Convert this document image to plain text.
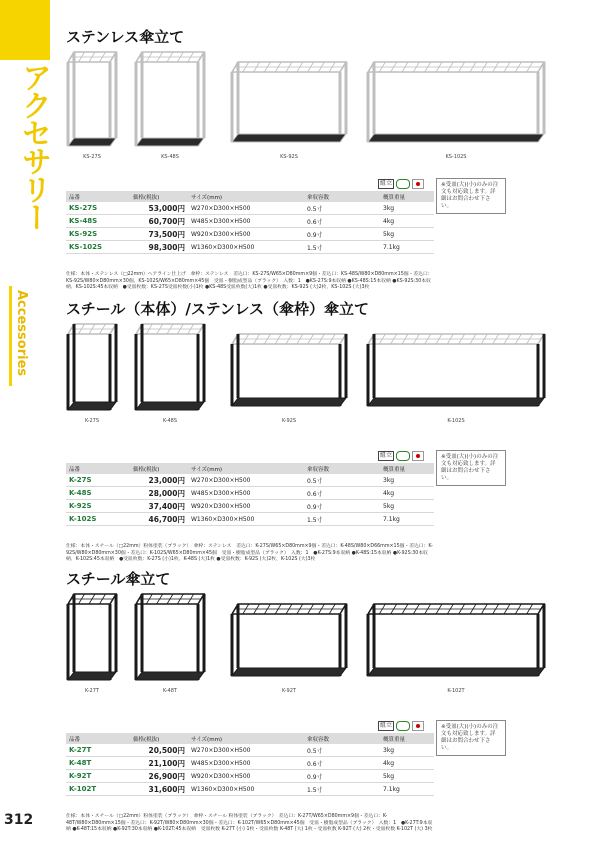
アクセサリー
Accessories
312
ステンレス傘立て
KS-27S	KS-48S	KS-92S	KS-102S
組立	※受皿(大)(小)のみの注文も対応致します。詳細はお問合わせ下さい。
品番	価格(税抜)	サイズ(mm)	傘収容数	概算重量
KS-27S	53,000円	W270×D300×H500	0.5寸	3kg
KS-48S	60,700円	W485×D300×H500	0.6寸	4kg
KS-92S	73,500円	W920×D300×H500	0.9寸	5kg
KS-102S	98,300円	W1360×D300×H500	1.5寸	7.1kg
仕様：本体・ステンレス（□22mm）ヘアライン仕上げ　傘枠：ステンレス　差込口：KS-27S/W65×D80mm×9個・差込口：KS-48S/W80×D80mm×15個・差込口：KS-92S/W80×D80mm×30個、KS-102S/W65×D80mm×45個　受皿・樹脂成型品（ブラック）　入数：1　●KS-27S:9本収納 ●KS-48S:15本収納 ●KS-92S:30本収納、KS-102S:45本収納　●受皿枚数：KS-27S受皿枚数(小)1枚 ●KS-48S受皿枚数(大)1枚 ●受皿枚数：KS-92S (大)2枚、KS-102S (大)3枚
スチール（本体）/ステンレス（傘枠）傘立て
K-27S	K-48S	K-92S	K-102S
組立	※受皿(大)(小)のみの注文も対応致します。詳細はお問合わせ下さい。
品番	価格(税抜)	サイズ(mm)	傘収容数	概算重量
K-27S	23,000円	W270×D300×H500	0.5寸	3kg
K-48S	28,000円	W485×D300×H500	0.6寸	4kg
K-92S	37,400円	W920×D300×H500	0.9寸	5kg
K-102S	46,700円	W1360×D300×H500	1.5寸	7.1kg
仕様：本体・スチール（□22mm）粉体塗装（ブラック）　傘枠：ステンレス　差込口：K-27S/W65×D80mm×9個・差込口：K-48S/W80×D66mm×15個・差込口：K-92S/W80×D80mm×30個・差込口：K-102S/W65×D80mm×45個　受皿・樹脂成型品（ブラック）　入数：1　●K-27S:9本収納 ●K-48S:15本収納 ●K-92S:30本収納、K-102S:45本収納　●受皿枚数：K-27S (小)1枚、K-48S (大)1枚 ●受皿枚数：K-92S (大)2枚、K-102S (大)3枚
スチール傘立て
K-27T	K-48T	K-92T	K-102T
組立	※受皿(大)(小)のみの注文も対応致します。詳細はお問合わせ下さい。
品番	価格(税抜)	サイズ(mm)	傘収容数	概算重量
K-27T	20,500円	W270×D300×H500	0.5寸	3kg
K-48T	21,100円	W485×D300×H500	0.6寸	4kg
K-92T	26,900円	W920×D300×H500	0.9寸	5kg
K-102T	31,600円	W1360×D300×H500	1.5寸	7.1kg
仕様：本体・スチール（□22mm）粉体塗装（ブラック）　傘枠・スチール 粉体塗装（ブラック）　差込口：K-27T/W65×D80mm×9個・差込口：K-48T/W80×D80mm×15個・差込口：K-92T/W80×D80mm×30個・差込口：K-102T/W65×D80mm×45個　受皿・樹脂成型品（ブラック）　入数：1　●K-27T:9本収納 ●K-48T:15本収納 ●K-92T:30本収納 ●K-102T:45本収納　受皿枚数 K-27T (小) 1枚・受皿枚数 K-48T (大) 1枚・受皿枚数 K-92T (大) 2枚・受皿枚数 K-102T (大) 3枚
